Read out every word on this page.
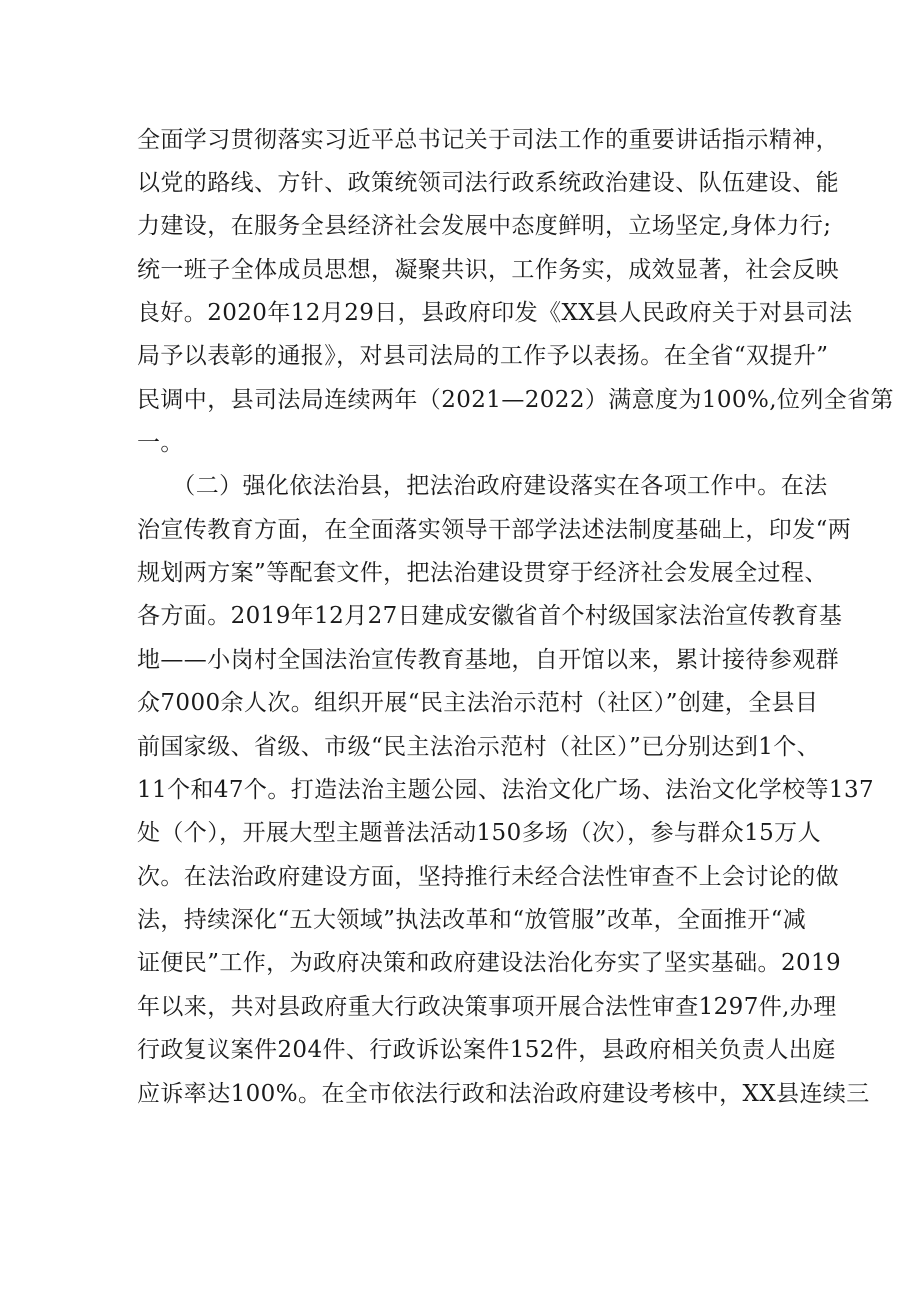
全面学习贯彻落实习近平总书记关于司法工作的重要讲话指示精神，
以党的路线、方针、政策统领司法行政系统政治建设、队伍建设、能
力建设，在服务全县经济社会发展中态度鲜明，立场坚定,身体力行;
统一班子全体成员思想，凝聚共识，工作务实，成效显著，社会反映
良好。2020年12月29日，县政府印发《XX县人民政府关于对县司法
局予以表彰的通报》，对县司法局的工作予以表扬。在全省“双提升”
民调中，县司法局连续两年（2021—2022）满意度为100%,位列全省第
一。
　　（二）强化依法治县，把法治政府建设落实在各项工作中。在法
治宣传教育方面，在全面落实领导干部学法述法制度基础上，印发“两
规划两方案”等配套文件，把法治建设贯穿于经济社会发展全过程、
各方面。2019年12月27日建成安徽省首个村级国家法治宣传教育基
地——小岗村全国法治宣传教育基地，自开馆以来，累计接待参观群
众7000余人次。组织开展“民主法治示范村（社区）”创建，全县目
前国家级、省级、市级“民主法治示范村（社区）”已分别达到1个、
11个和47个。打造法治主题公园、法治文化广场、法治文化学校等137
处（个），开展大型主题普法活动150多场（次），参与群众15万人
次。在法治政府建设方面，坚持推行未经合法性审查不上会讨论的做
法，持续深化“五大领域”执法改革和“放管服”改革，全面推开“减
证便民”工作，为政府决策和政府建设法治化夯实了坚实基础。2019
年以来，共对县政府重大行政决策事项开展合法性审查1297件,办理
行政复议案件204件、行政诉讼案件152件，县政府相关负责人出庭
应诉率达100%。在全市依法行政和法治政府建设考核中，XX县连续三
